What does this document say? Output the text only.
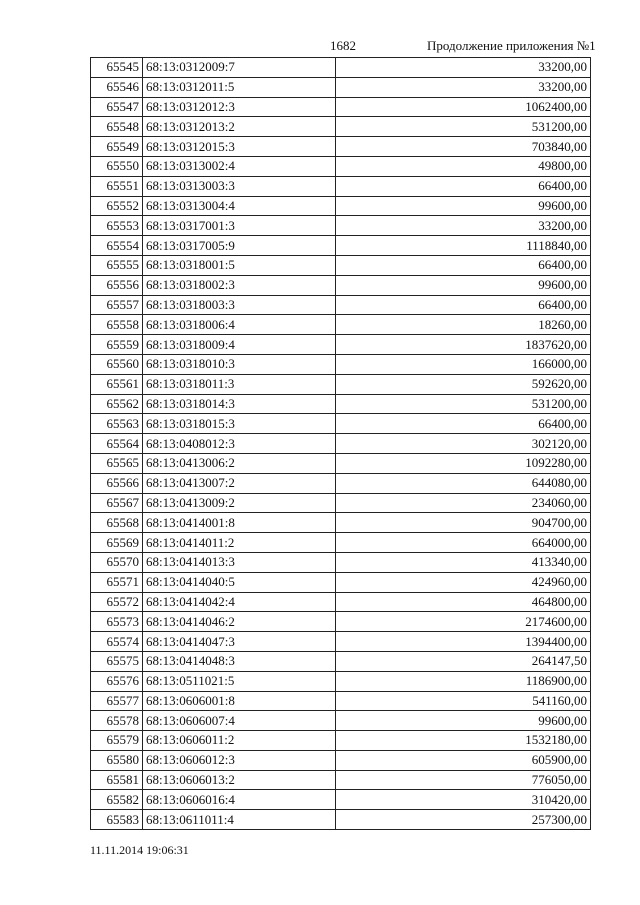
1682	Продолжение приложения №1
65545	68:13:0312009:7	33200,00
65546	68:13:0312011:5	33200,00
65547	68:13:0312012:3	1062400,00
65548	68:13:0312013:2	531200,00
65549	68:13:0312015:3	703840,00
65550	68:13:0313002:4	49800,00
65551	68:13:0313003:3	66400,00
65552	68:13:0313004:4	99600,00
65553	68:13:0317001:3	33200,00
65554	68:13:0317005:9	1118840,00
65555	68:13:0318001:5	66400,00
65556	68:13:0318002:3	99600,00
65557	68:13:0318003:3	66400,00
65558	68:13:0318006:4	18260,00
65559	68:13:0318009:4	1837620,00
65560	68:13:0318010:3	166000,00
65561	68:13:0318011:3	592620,00
65562	68:13:0318014:3	531200,00
65563	68:13:0318015:3	66400,00
65564	68:13:0408012:3	302120,00
65565	68:13:0413006:2	1092280,00
65566	68:13:0413007:2	644080,00
65567	68:13:0413009:2	234060,00
65568	68:13:0414001:8	904700,00
65569	68:13:0414011:2	664000,00
65570	68:13:0414013:3	413340,00
65571	68:13:0414040:5	424960,00
65572	68:13:0414042:4	464800,00
65573	68:13:0414046:2	2174600,00
65574	68:13:0414047:3	1394400,00
65575	68:13:0414048:3	264147,50
65576	68:13:0511021:5	1186900,00
65577	68:13:0606001:8	541160,00
65578	68:13:0606007:4	99600,00
65579	68:13:0606011:2	1532180,00
65580	68:13:0606012:3	605900,00
65581	68:13:0606013:2	776050,00
65582	68:13:0606016:4	310420,00
65583	68:13:0611011:4	257300,00
11.11.2014 19:06:31
